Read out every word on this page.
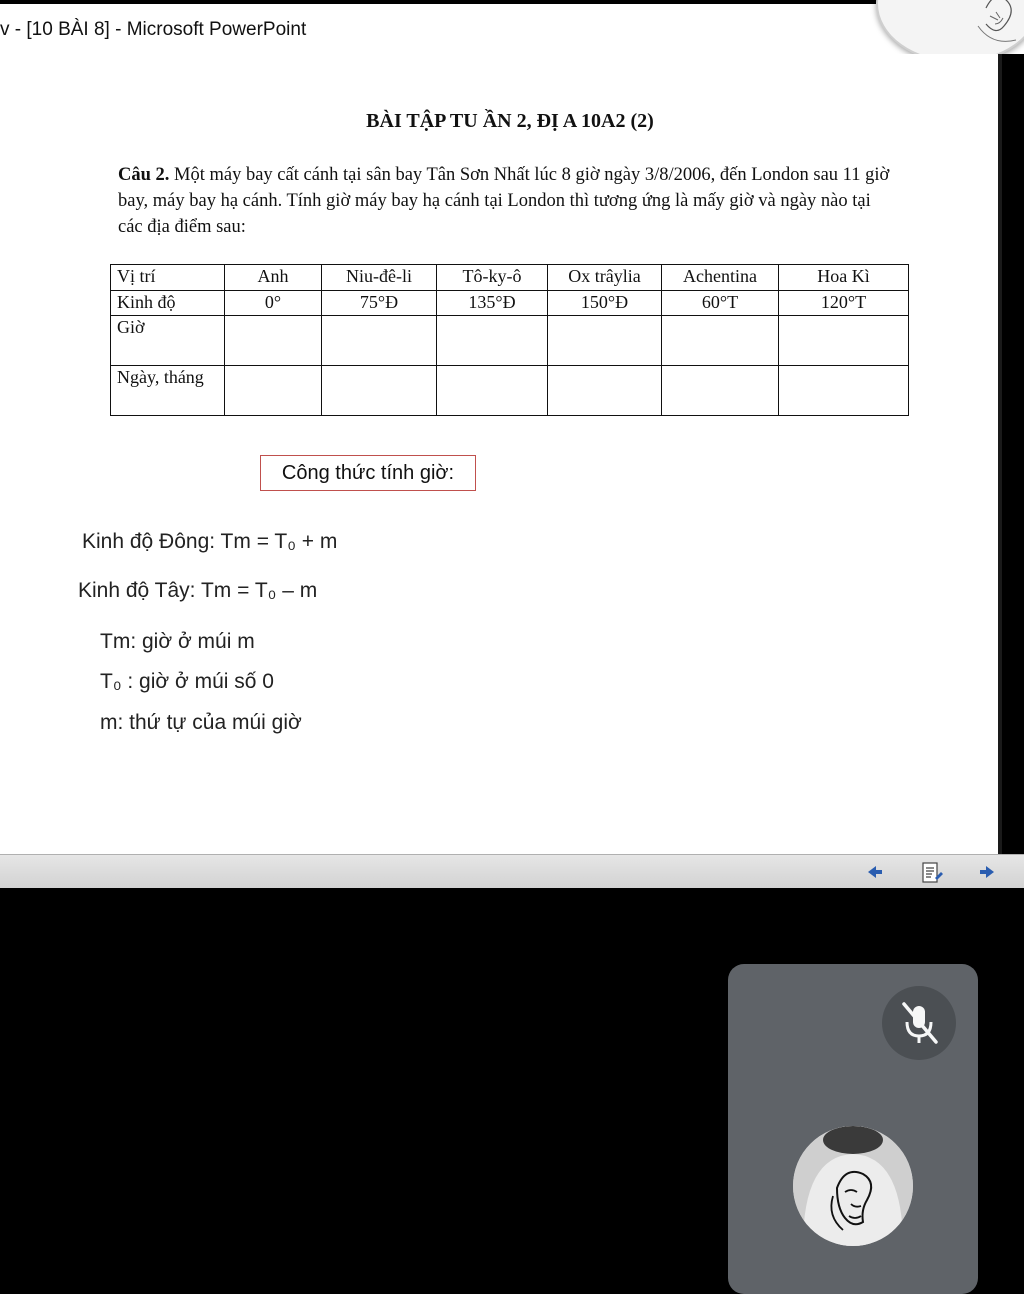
v - [10 BÀI 8] - Microsoft PowerPoint
BÀI TẬP TU ẦN 2, ĐỊ A 10A2 (2)
Câu 2. Một máy bay cất cánh tại sân bay Tân Sơn Nhất lúc 8 giờ ngày 3/8/2006, đến London sau 11 giờ bay, máy bay hạ cánh. Tính giờ máy bay hạ cánh tại London thì tương ứng là mấy giờ và ngày nào tại các địa điểm sau:
Vị trí	Anh	Niu-đê-li	Tô-ky-ô	Ox trâylia	Achentina	Hoa Kì
Kinh độ	0°	75°Đ	135°Đ	150°Đ	60°T	120°T
Giờ						
Ngày, tháng						
Công thức tính giờ:
Kinh độ Đông: Tm = T₀ + m
Kinh độ Tây: Tm = T₀ – m
Tm: giờ ở múi m
T₀ : giờ ở múi số 0
m: thứ tự của múi giờ
